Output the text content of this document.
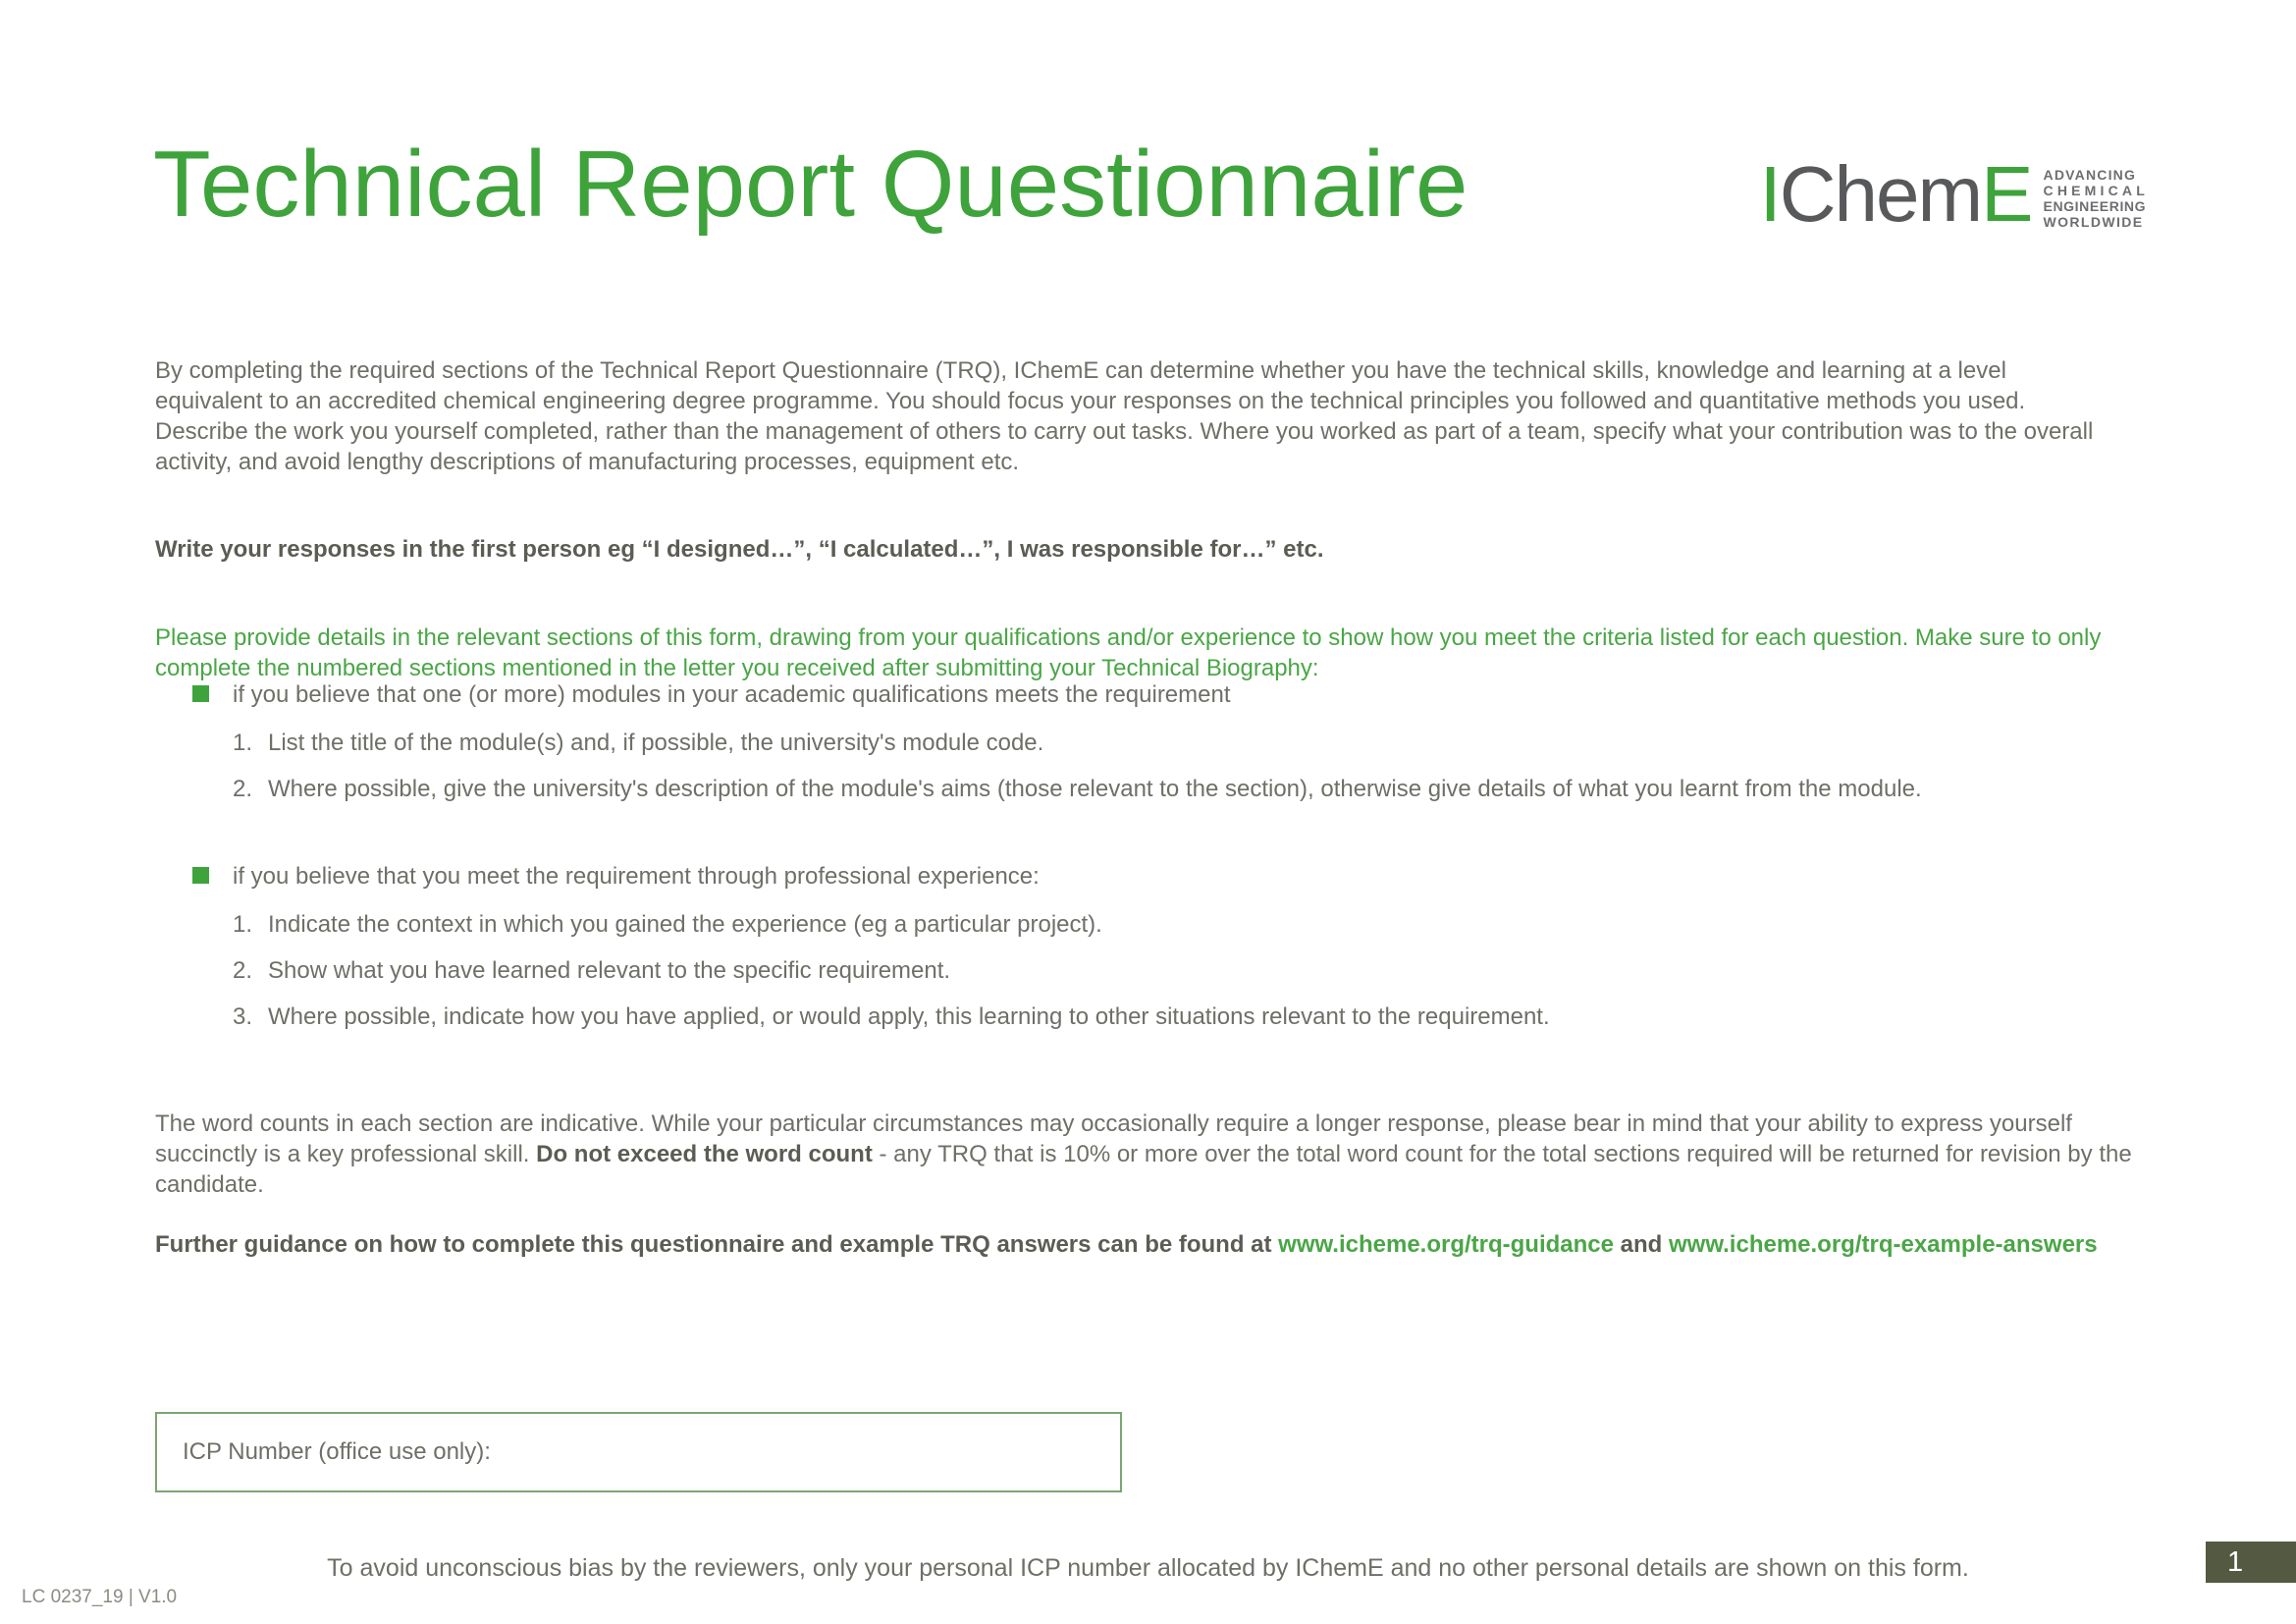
Technical Report Questionnaire	IChemE ADVANCING
CHEMICAL
ENGINEERING
WORLDWIDE

By completing the required sections of the Technical Report Questionnaire (TRQ), IChemE can determine whether you have the technical skills, knowledge and learning at a level equivalent to an accredited chemical engineering degree programme. You should focus your responses on the technical principles you followed and quantitative methods you used. Describe the work you yourself completed, rather than the management of others to carry out tasks. Where you worked as part of a team, specify what your contribution was to the overall activity, and avoid lengthy descriptions of manufacturing processes, equipment etc.

Write your responses in the first person eg “I designed…”, “I calculated…”, I was responsible for…” etc.

Please provide details in the relevant sections of this form, drawing from your qualifications and/or experience to show how you meet the criteria listed for each question. Make sure to only complete the numbered sections mentioned in the letter you received after submitting your Technical Biography:

if you believe that one (or more) modules in your academic qualifications meets the requirement
1. List the title of the module(s) and, if possible, the university's module code.
2. Where possible, give the university's description of the module's aims (those relevant to the section), otherwise give details of what you learnt from the module.
if you believe that you meet the requirement through professional experience:
1. Indicate the context in which you gained the experience (eg a particular project).
2. Show what you have learned relevant to the specific requirement.
3. Where possible, indicate how you have applied, or would apply, this learning to other situations relevant to the requirement.

The word counts in each section are indicative. While your particular circumstances may occasionally require a longer response, please bear in mind that your ability to express yourself succinctly is a key professional skill. Do not exceed the word count - any TRQ that is 10% or more over the total word count for the total sections required will be returned for revision by the candidate.

Further guidance on how to complete this questionnaire and example TRQ answers can be found at www.icheme.org/trq-guidance and www.icheme.org/trq-example-answers

ICP Number (office use only):
To avoid unconscious bias by the reviewers, only your personal ICP number allocated by IChemE and no other personal details are shown on this form.
LC 0237_19 | V1.0
1
